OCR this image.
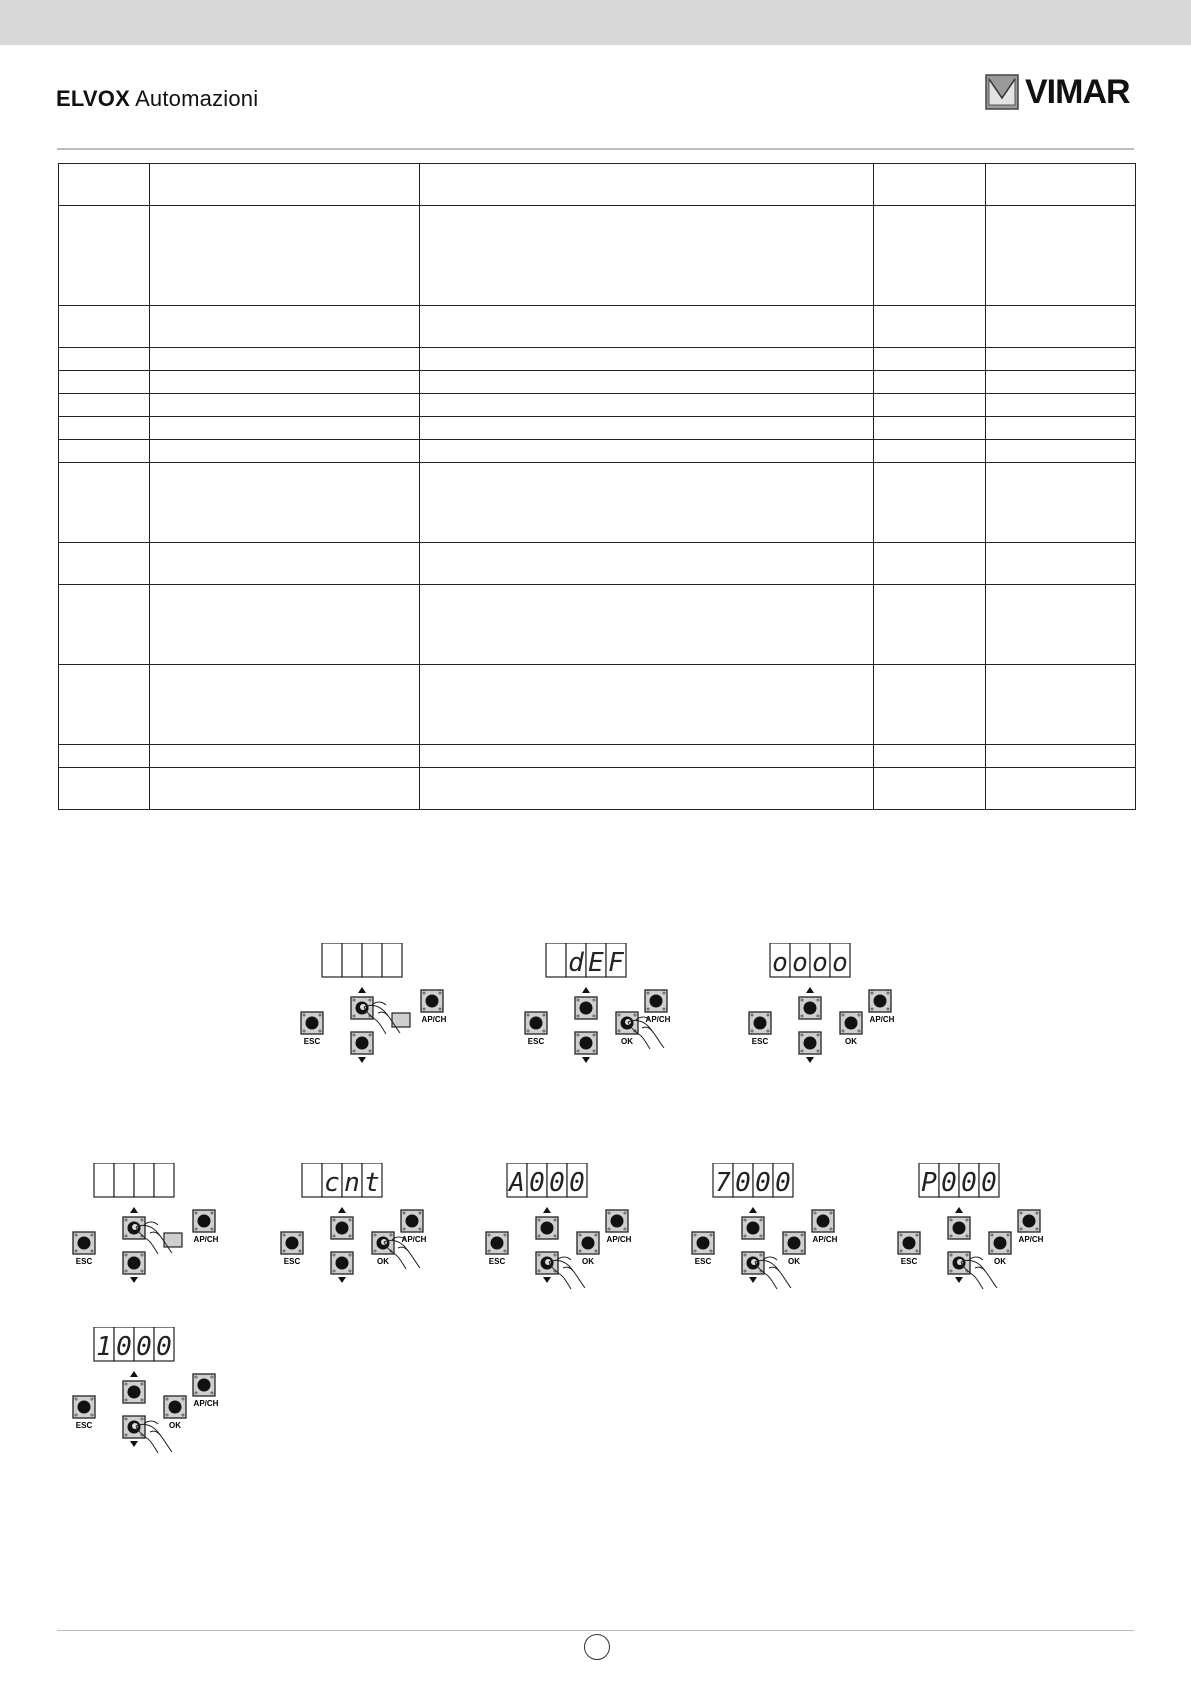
ELVOX Automazioni	VIMAR

ESC
AP/CH
d E F
ESC	OK
AP/CH
o o o o
ESC	OK
AP/CH
ESC
AP/CH
c n t
ESC	OK
AP/CH
A 0 0 0
ESC	OK
AP/CH
7 0 0 0
ESC	OK
AP/CH
P 0 0 0
ESC	OK
AP/CH
1 0 0 0
ESC	OK
AP/CH
